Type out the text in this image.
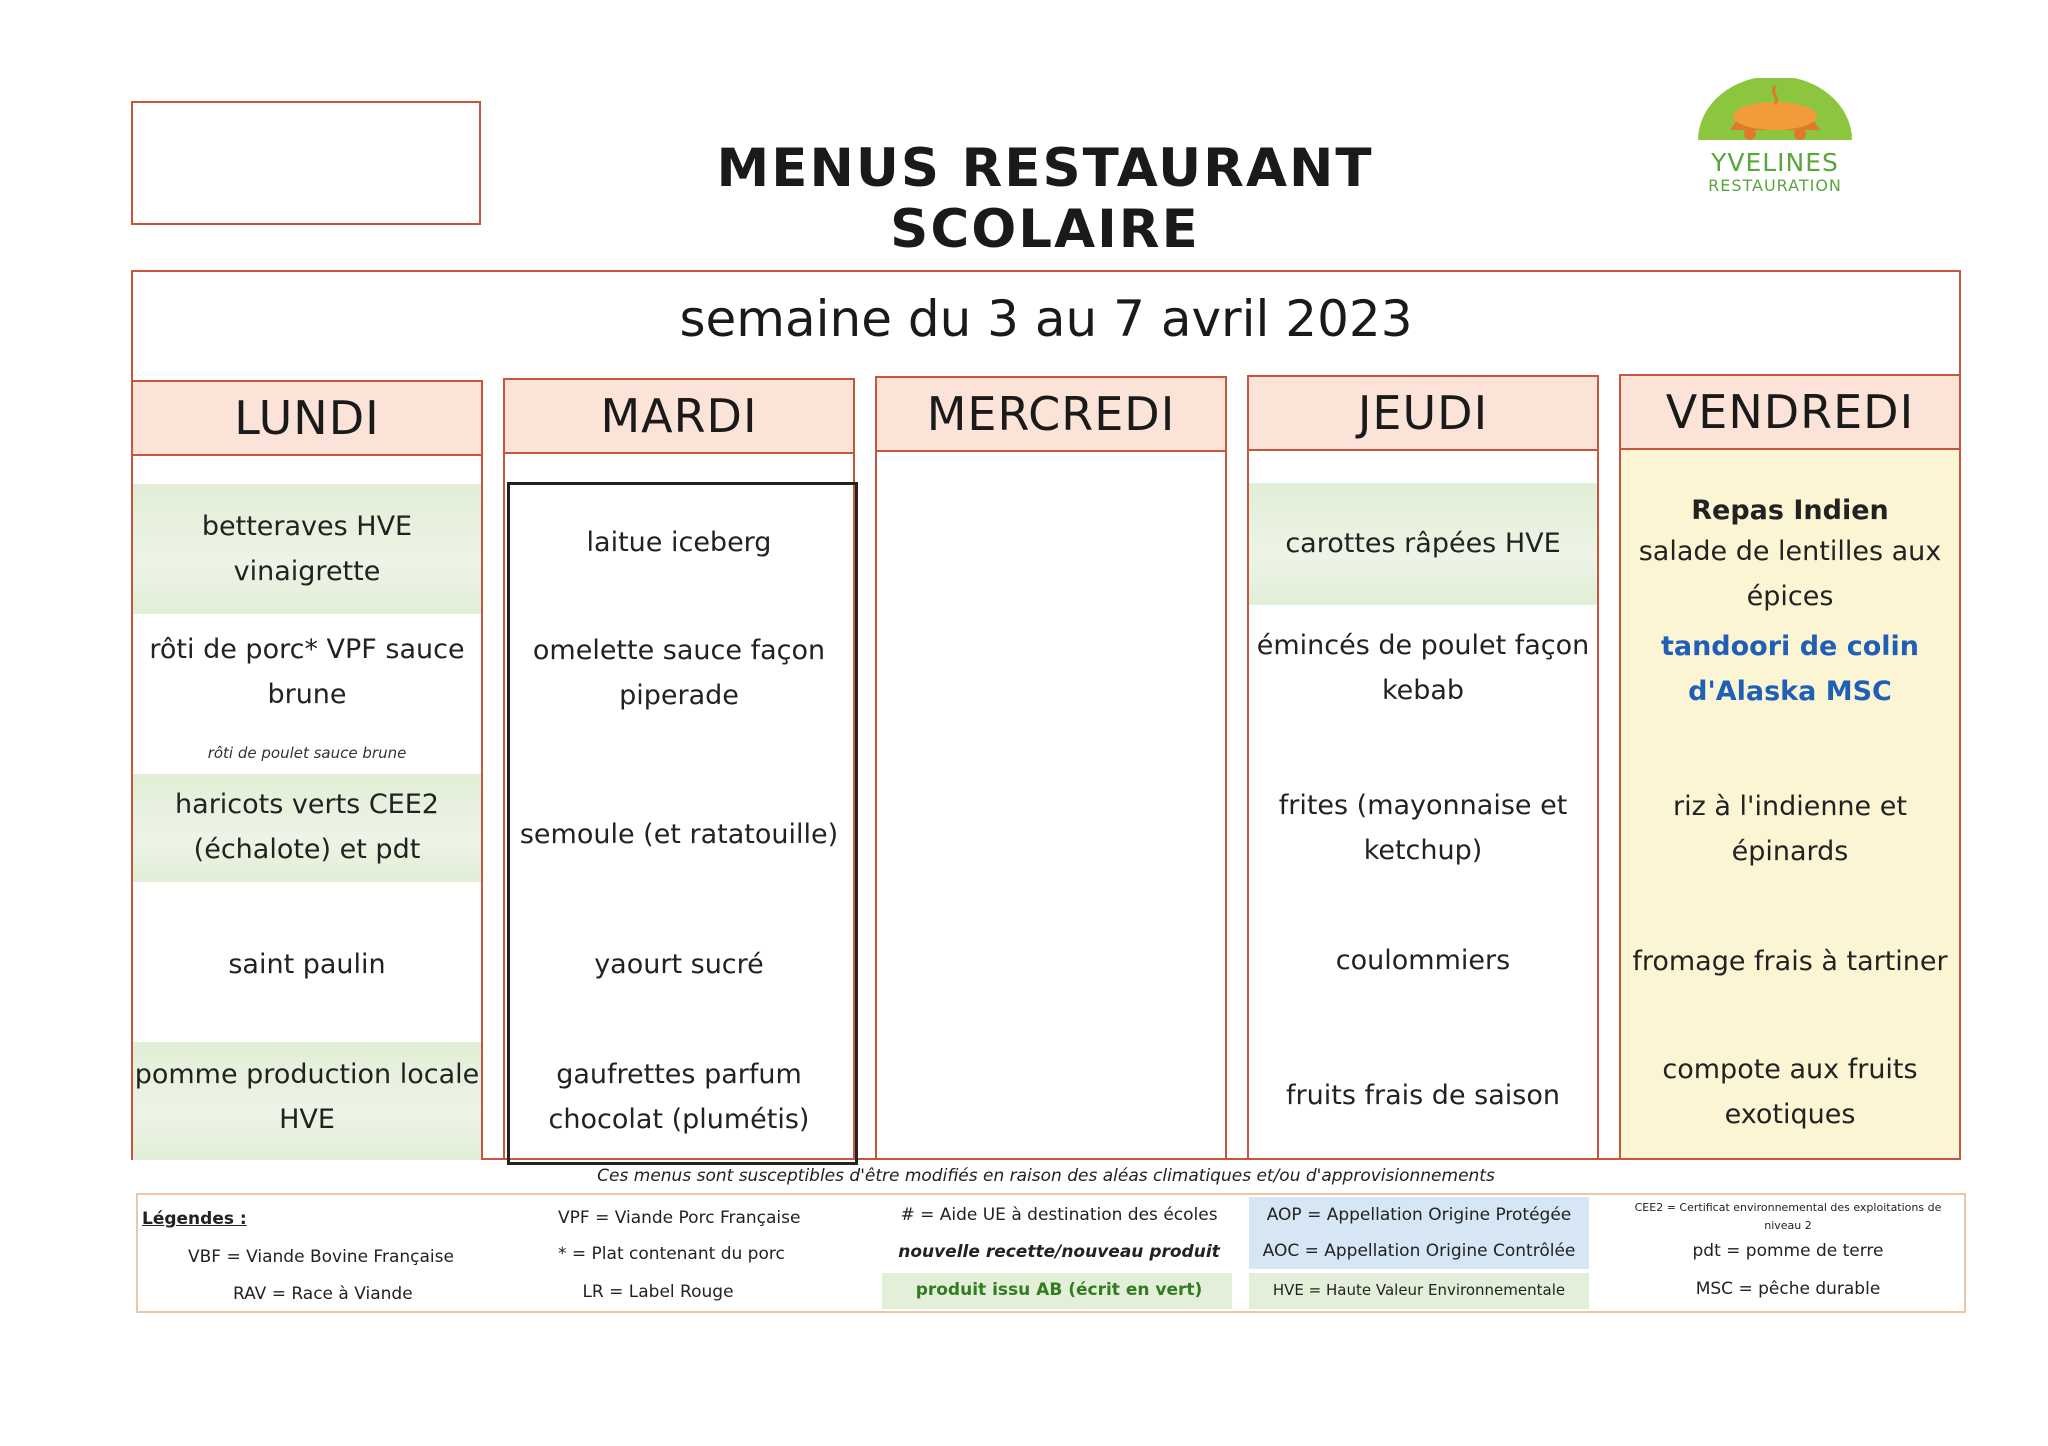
MENUS RESTAURANT SCOLAIRE
YVELINES
RESTAURATION
semaine du 3 au 7 avril 2023
LUNDI
betteraves HVE
vinaigrette
rôti de porc* VPF sauce
brune
rôti de poulet sauce brune
haricots verts CEE2
(échalote) et pdt
saint paulin
pomme production locale
HVE
MARDI
laitue iceberg
omelette sauce façon
piperade
semoule (et ratatouille)
yaourt sucré
gaufrettes parfum
chocolat (plumétis)
MERCREDI	JEUDI
carottes râpées HVE
émincés de poulet façon
kebab
frites (mayonnaise et
ketchup)
coulommiers
fruits frais de saison
VENDREDI
Repas Indien
salade de lentilles aux
épices
tandoori de colin
d'Alaska MSC
riz à l'indienne et
épinards
fromage frais à tartiner
compote aux fruits
exotiques
Ces menus sont susceptibles d'être modifiés en raison des aléas climatiques et/ou d'approvisionnements
Légendes :
VBF = Viande Bovine Française
RAV = Race à Viande
VPF = Viande Porc Française
* = Plat contenant du porc
LR = Label Rouge
# = Aide UE à destination des écoles
nouvelle recette/nouveau produit
produit issu AB (écrit en vert)
AOP = Appellation Origine Protégée
AOC = Appellation Origine Contrôlée
HVE = Haute Valeur Environnementale
CEE2 = Certificat environnemental des exploitations de
niveau 2
pdt = pomme de terre
MSC = pêche durable
